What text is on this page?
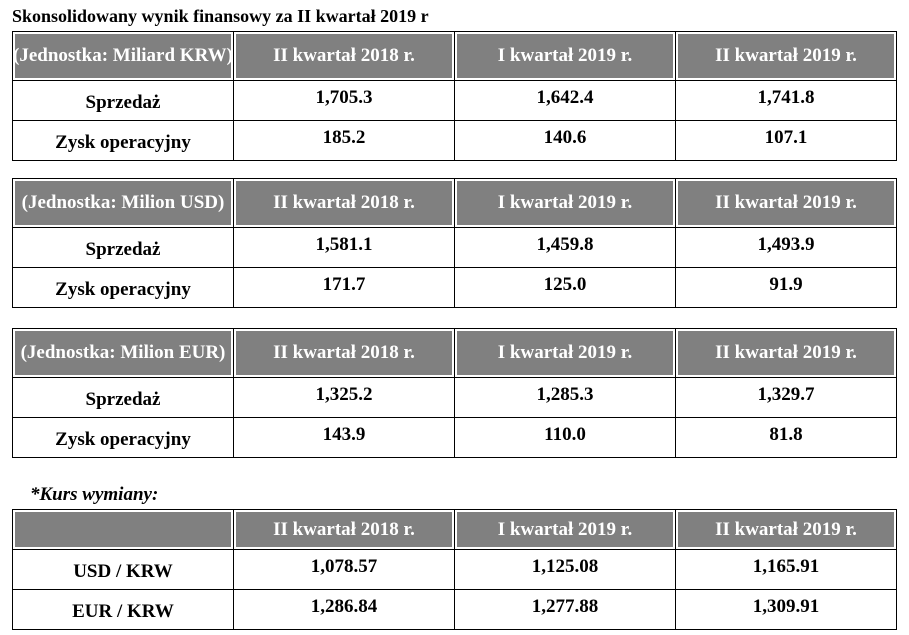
Skonsolidowany wynik finansowy za II kwartał 2019 r
(Jednostka: Miliard KRW)	II kwartał 2018 r.	I kwartał 2019 r.	II kwartał 2019 r.
Sprzedaż	1,705.3	1,642.4	1,741.8
Zysk operacyjny	185.2	140.6	107.1
(Jednostka: Milion USD)	II kwartał 2018 r.	I kwartał 2019 r.	II kwartał 2019 r.
Sprzedaż	1,581.1	1,459.8	1,493.9
Zysk operacyjny	171.7	125.0	91.9
(Jednostka: Milion EUR)	II kwartał 2018 r.	I kwartał 2019 r.	II kwartał 2019 r.
Sprzedaż	1,325.2	1,285.3	1,329.7
Zysk operacyjny	143.9	110.0	81.8
*Kurs wymiany:
	II kwartał 2018 r.	I kwartał 2019 r.	II kwartał 2019 r.
USD / KRW	1,078.57	1,125.08	1,165.91
EUR / KRW	1,286.84	1,277.88	1,309.91
